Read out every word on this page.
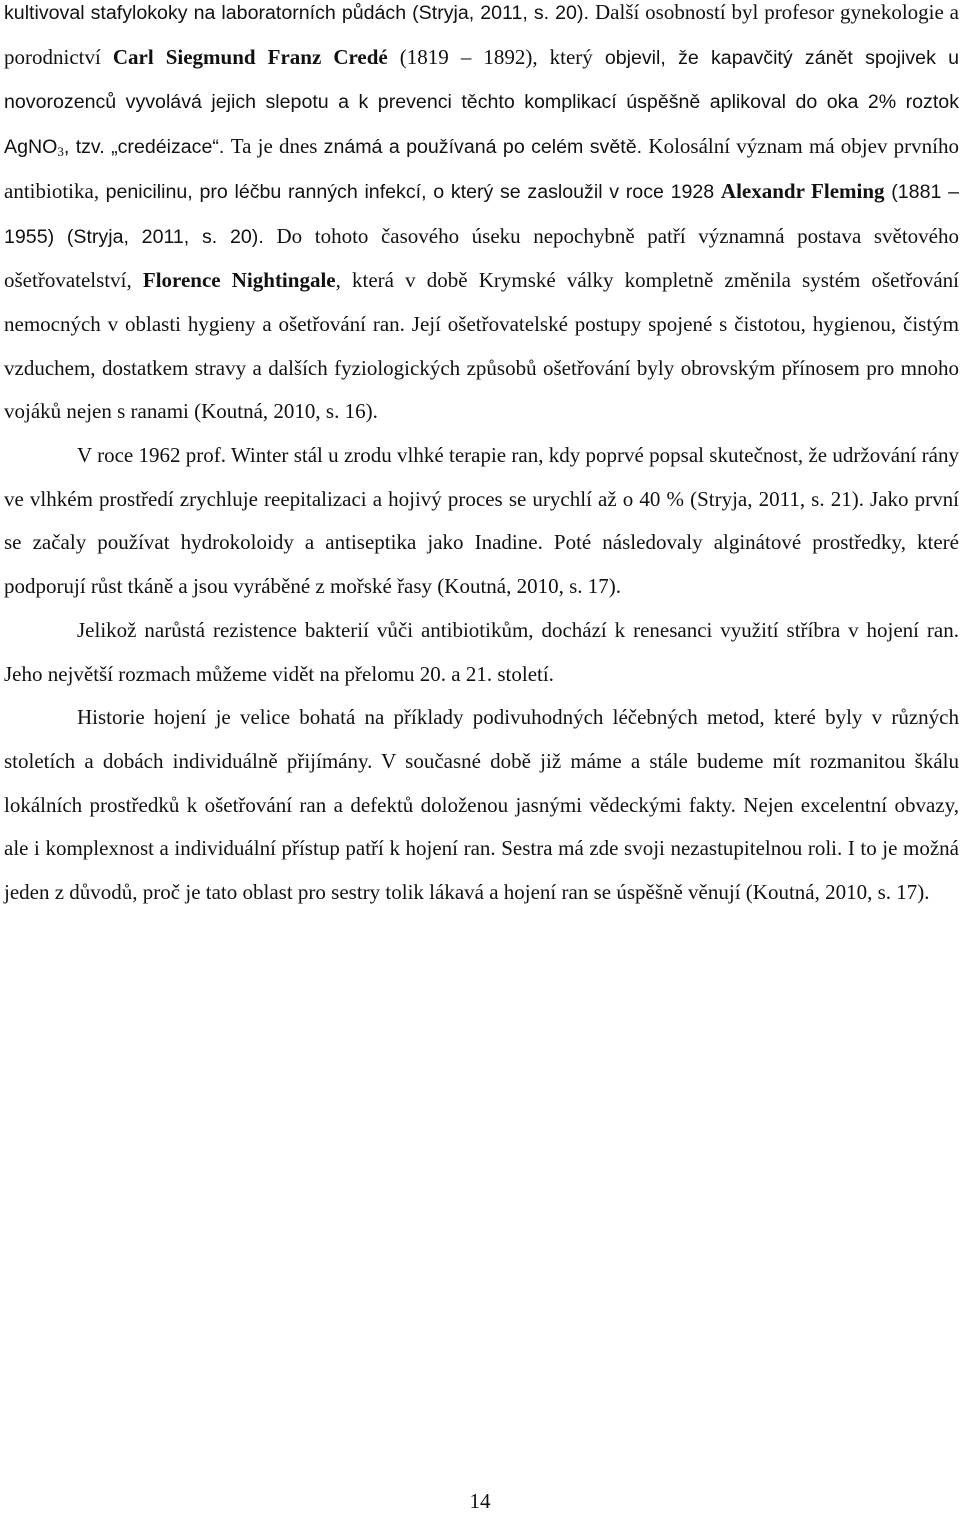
kultivoval stafylokoky na laboratorních půdách (Stryja, 2011, s. 20). Další osobností byl profesor gynekologie a porodnictví Carl Siegmund Franz Credé (1819 – 1892), který objevil, že kapavčitý zánět spojivek u novorozenců vyvolává jejich slepotu a k prevenci těchto komplikací úspěšně aplikoval do oka 2% roztok AgNO$_3$, tzv. „credéizace“. Ta je dnes známá a používaná po celém světě. Kolosální význam má objev prvního antibiotika, penicilinu, pro léčbu ranných infekcí, o který se zasloužil v roce 1928 Alexandr Fleming (1881 – 1955) (Stryja, 2011, s. 20). Do tohoto časového úseku nepochybně patří významná postava světového ošetřovatelství, Florence Nightingale, která v době Krymské války kompletně změnila systém ošetřování nemocných v oblasti hygieny a ošetřování ran. Její ošetřovatelské postupy spojené s čistotou, hygienou, čistým vzduchem, dostatkem stravy a dalších fyziologických způsobů ošetřování byly obrovským přínosem pro mnoho vojáků nejen s ranami (Koutná, 2010, s. 16).

V roce 1962 prof. Winter stál u zrodu vlhké terapie ran, kdy poprvé popsal skutečnost, že udržování rány ve vlhkém prostředí zrychluje reepitalizaci a hojivý proces se urychlí až o 40 % (Stryja, 2011, s. 21). Jako první se začaly používat hydrokoloidy a antiseptika jako Inadine. Poté následovaly alginátové prostředky, které podporují růst tkáně a jsou vyráběné z mořské řasy (Koutná, 2010, s. 17).

Jelikož narůstá rezistence bakterií vůči antibiotikům, dochází k renesanci využití stříbra v hojení ran. Jeho největší rozmach můžeme vidět na přelomu 20. a 21. století.

Historie hojení je velice bohatá na příklady podivuhodných léčebných metod, které byly v různých stoletích a dobách individuálně přijímány. V současné době již máme a stále budeme mít rozmanitou škálu lokálních prostředků k ošetřování ran a defektů doloženou jasnými vědeckými fakty. Nejen excelentní obvazy, ale i komplexnost a individuální přístup patří k hojení ran. Sestra má zde svoji nezastupitelnou roli. I to je možná jeden z důvodů, proč je tato oblast pro sestry tolik lákavá a hojení ran se úspěšně věnují (Koutná, 2010, s. 17).

14
